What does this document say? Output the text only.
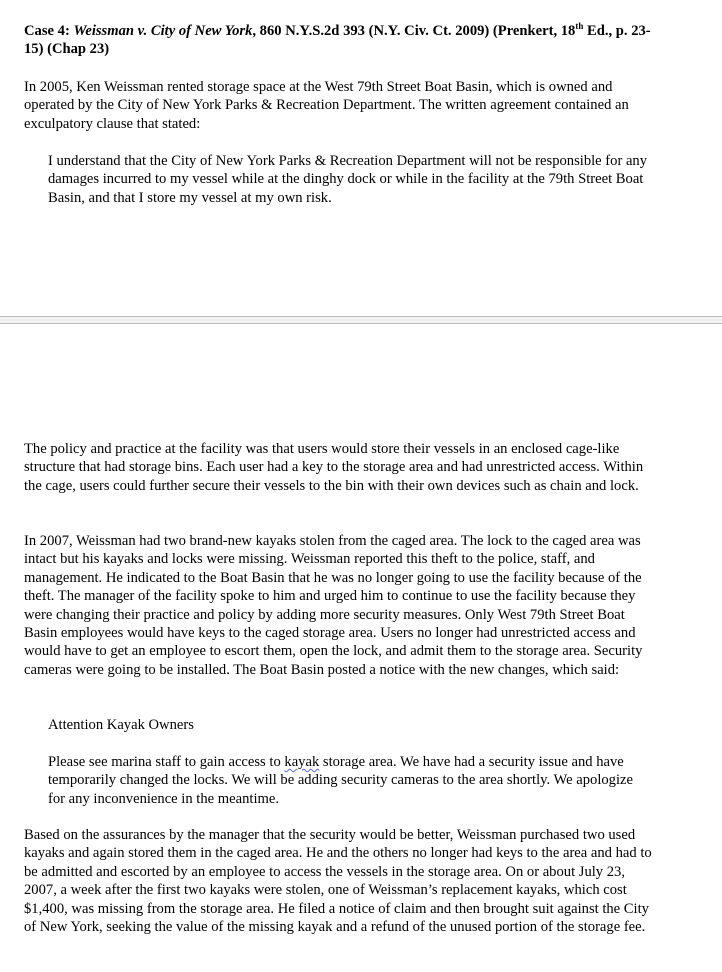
Case 4: Weissman v. City of New York, 860 N.Y.S.2d 393 (N.Y. Civ. Ct. 2009) (Prenkert, 18th Ed., p. 23-15) (Chap 23)

In 2005, Ken Weissman rented storage space at the West 79th Street Boat Basin, which is owned and operated by the City of New York Parks & Recreation Department. The written agreement contained an exculpatory clause that stated:

I understand that the City of New York Parks & Recreation Department will not be responsible for any damages incurred to my vessel while at the dinghy dock or while in the facility at the 79th Street Boat Basin, and that I store my vessel at my own risk.

The policy and practice at the facility was that users would store their vessels in an enclosed cage-like structure that had storage bins. Each user had a key to the storage area and had unrestricted access. Within the cage, users could further secure their vessels to the bin with their own devices such as chain and lock.

In 2007, Weissman had two brand-new kayaks stolen from the caged area. The lock to the caged area was intact but his kayaks and locks were missing. Weissman reported this theft to the police, staff, and management. He indicated to the Boat Basin that he was no longer going to use the facility because of the theft. The manager of the facility spoke to him and urged him to continue to use the facility because they were changing their practice and policy by adding more security measures. Only West 79th Street Boat Basin employees would have keys to the caged storage area. Users no longer had unrestricted access and would have to get an employee to escort them, open the lock, and admit them to the storage area. Security cameras were going to be installed. The Boat Basin posted a notice with the new changes, which said:

Attention Kayak Owners

Please see marina staff to gain access to kayak storage area. We have had a security issue and have temporarily changed the locks. We will be adding security cameras to the area shortly. We apologize for any inconvenience in the meantime.

Based on the assurances by the manager that the security would be better, Weissman purchased two used kayaks and again stored them in the caged area. He and the others no longer had keys to the area and had to be admitted and escorted by an employee to access the vessels in the storage area. On or about July 23, 2007, a week after the first two kayaks were stolen, one of Weissman’s replacement kayaks, which cost $1,400, was missing from the storage area. He filed a notice of claim and then brought suit against the City of New York, seeking the value of the missing kayak and a refund of the unused portion of the storage fee.
